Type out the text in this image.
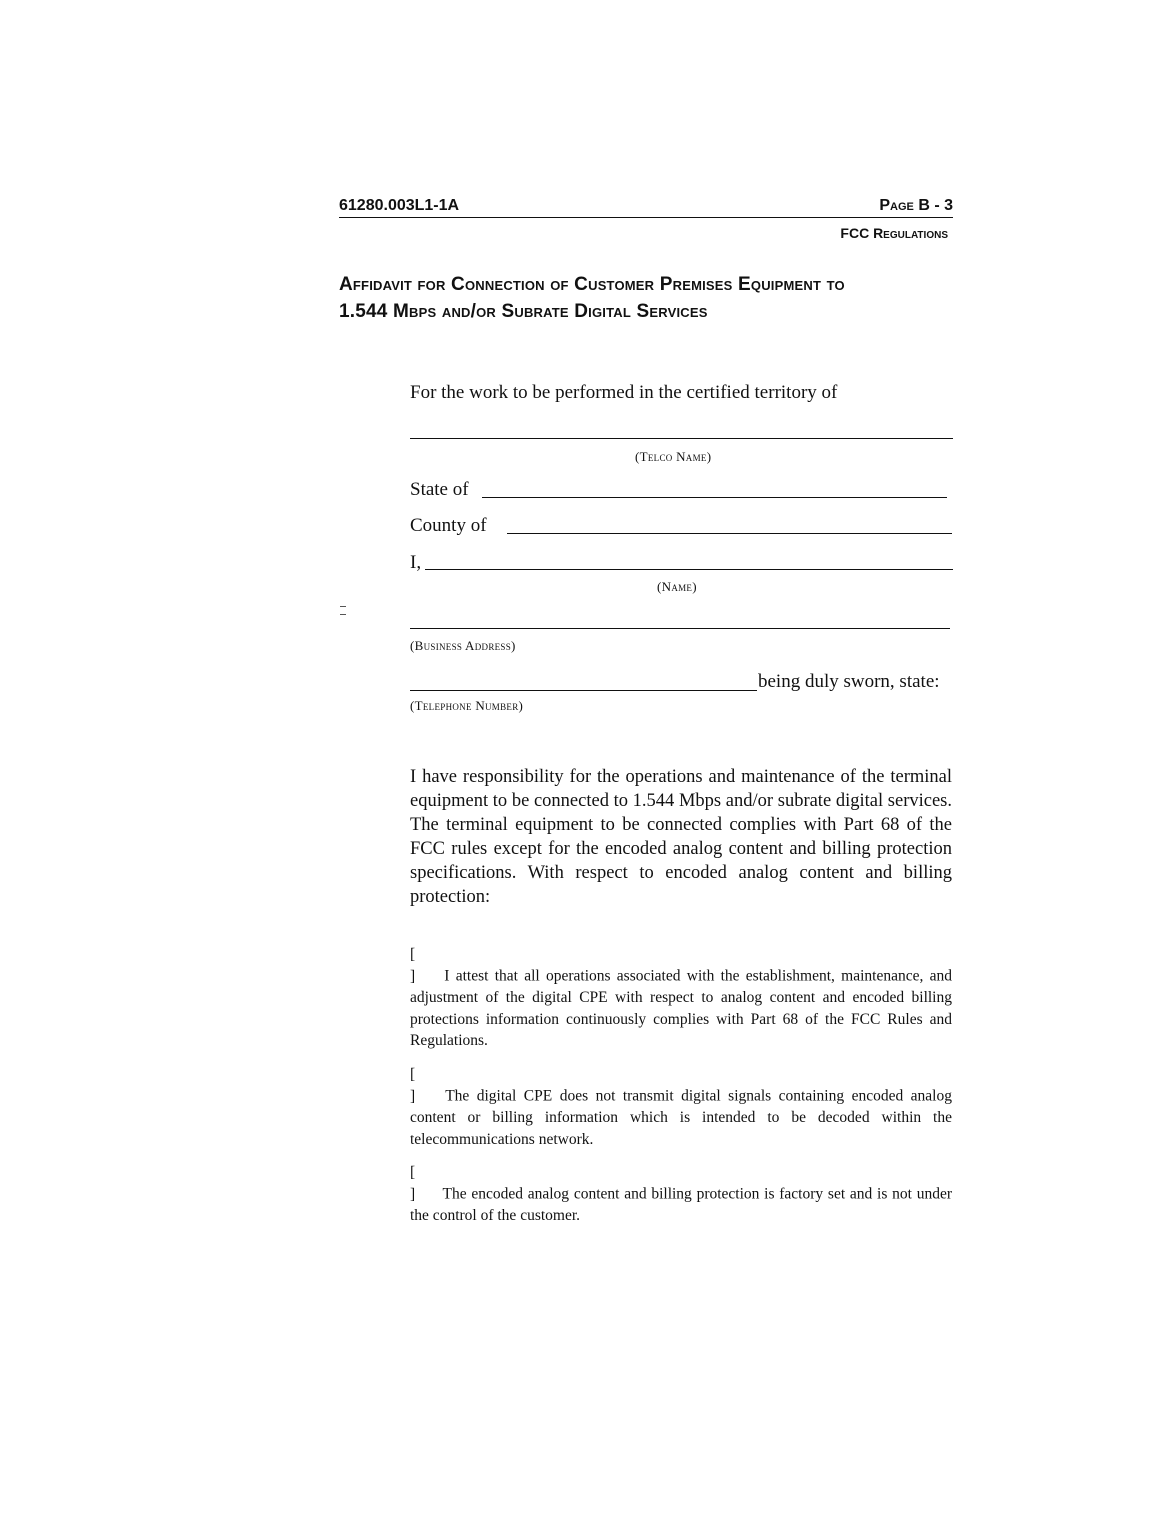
61280.003L1-1A	Page B - 3
FCC Regulations
Affidavit for Connection of Customer Premises Equipment to
1.544 Mbps and/or Subrate Digital Services
For the work to be performed in the certified territory of
(Telco Name)
State of
County of
I,
(Name)
(Business Address)
being duly sworn, state:
(Telephone Number)
I have responsibility for the operations and maintenance of the terminal equipment to be connected to 1.544 Mbps and/or subrate digital services. The terminal equipment to be connected complies with Part 68 of the FCC rules except for the encoded analog content and billing protection specifications. With respect to encoded analog content and billing protection:
[ ] I attest that all operations associated with the establishment, maintenance, and adjustment of the digital CPE with respect to analog content and encoded billing protections information continuously complies with Part 68 of the FCC Rules and Regulations.
[ ] The digital CPE does not transmit digital signals containing encoded analog content or billing information which is intended to be decoded within the telecommunications network.
[ ] The encoded analog content and billing protection is factory set and is not under the control of the customer.
